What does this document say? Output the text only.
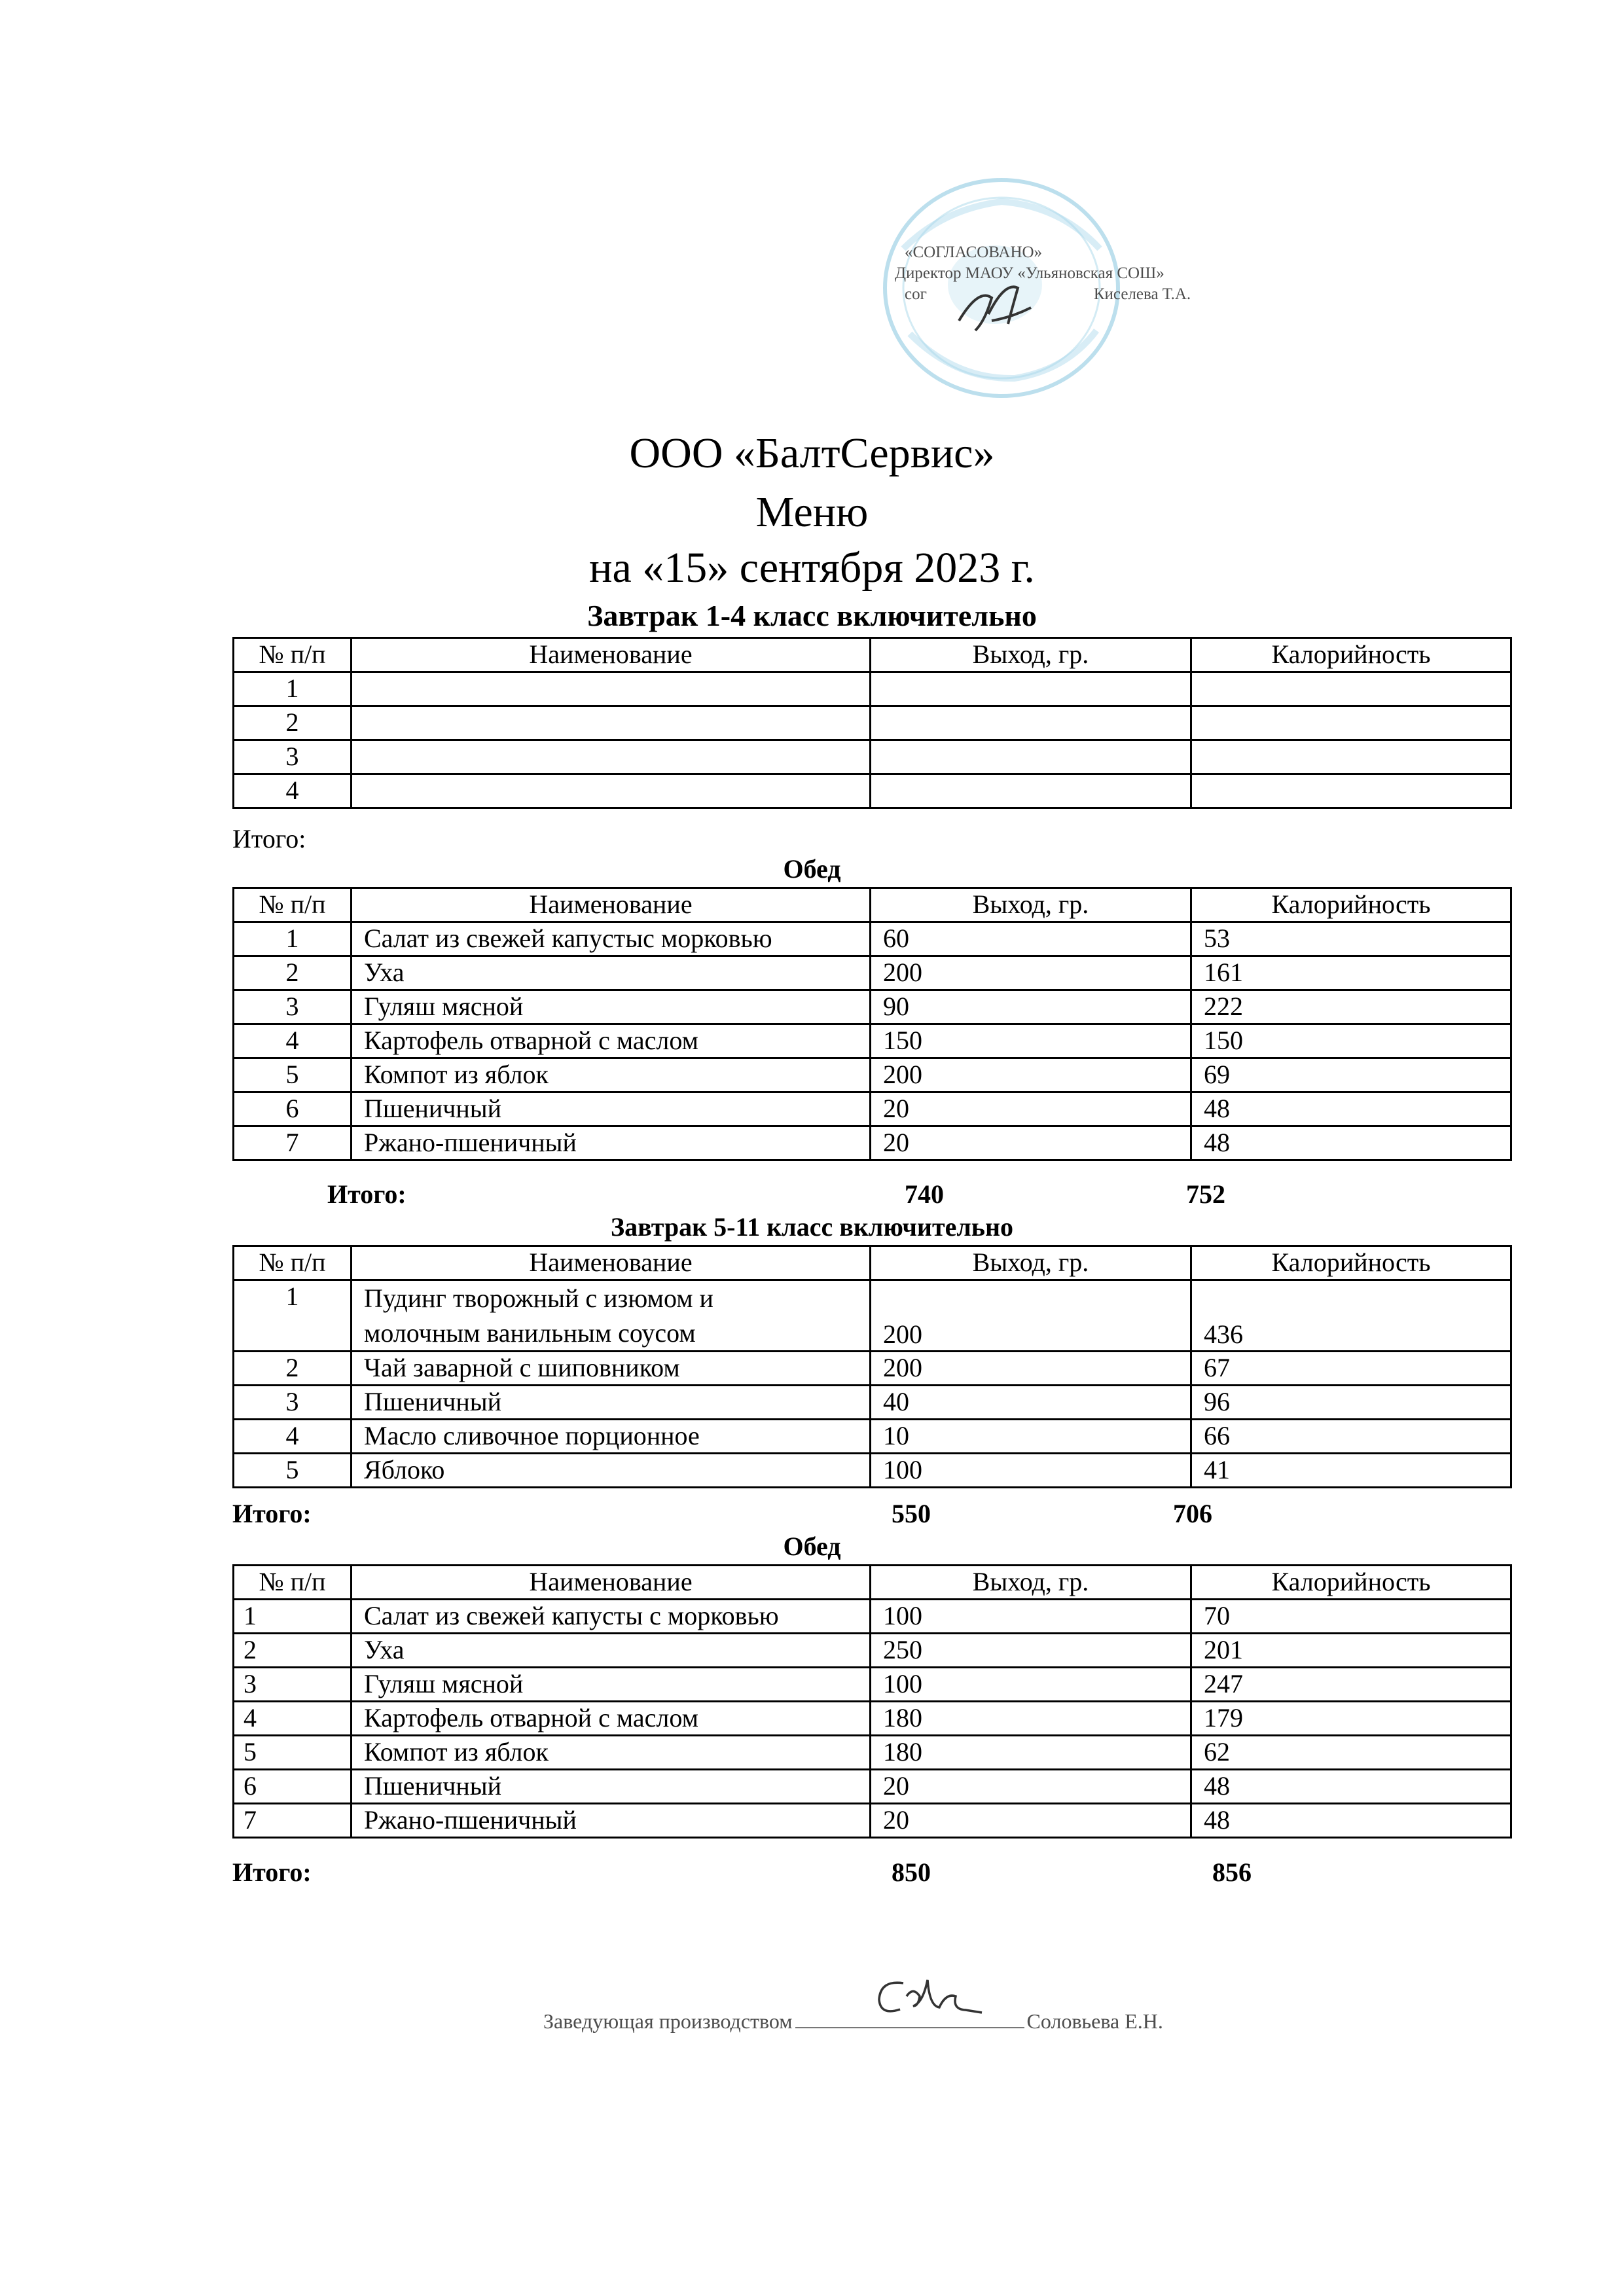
«СОГЛАСОВАНО»
Директор МАОУ «Ульяновская СОШ»
сог	Киселева Т.А.
ООО «БалтСервис»
Меню
на «15» сентября 2023 г.
Завтрак 1-4 класс включительно
№ п/п	Наименование	Выход, гр.	Калорийность
1			
2			
3			
4			
Итого:
Обед
№ п/п	Наименование	Выход, гр.	Калорийность
1	Салат из свежей капустыс морковью	60	53
2	Уха	200	161
3	Гуляш мясной	90	222
4	Картофель отварной с маслом	150	150
5	Компот из яблок	200	69
6	Пшеничный	20	48
7	Ржано-пшеничный	20	48
Итого:	740	752
Завтрак 5-11 класс включительно
№ п/п	Наименование	Выход, гр.	Калорийность
1	Пудинг творожный с изюмом и
молочным ванильным соусом	200	436
2	Чай заварной с шиповником	200	67
3	Пшеничный	40	96
4	Масло сливочное порционное	10	66
5	Яблоко	100	41
Итого:	550	706
Обед
№ п/п	Наименование	Выход, гр.	Калорийность
1	Салат из свежей капусты с морковью	100	70
2	Уха	250	201
3	Гуляш мясной	100	247
4	Картофель отварной с маслом	180	179
5	Компот из яблок	180	62
6	Пшеничный	20	48
7	Ржано-пшеничный	20	48
Итого:	850	856
Заведующая производством	Соловьева Е.Н.
